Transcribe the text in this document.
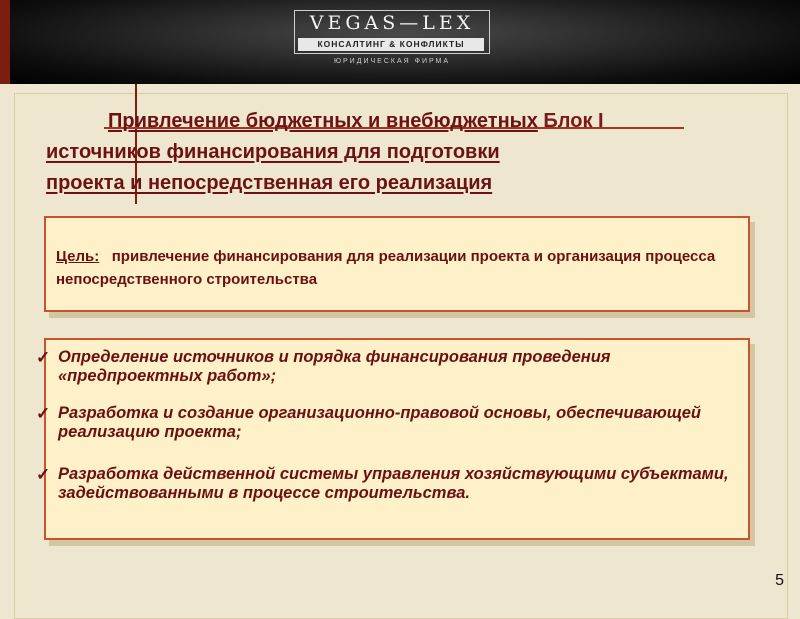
VEGAS—LEX
КОНСАЛТИНГ & КОНФЛИКТЫ
ЮРИДИЧЕСКАЯ ФИРМА
Привлечение бюджетных и внебюджетных Блок I
источников финансирования для подготовки
проекта и непосредственная его реализация
Цель: привлечение финансирования для реализации проекта и организация процесса непосредственного строительства
✓ Определение источников и порядка финансирования проведения «предпроектных работ»;
✓ Разработка и создание организационно-правовой основы, обеспечивающей реализацию проекта;
✓ Разработка действенной системы управления хозяйствующими субъектами, задействованными в процессе строительства.
5
